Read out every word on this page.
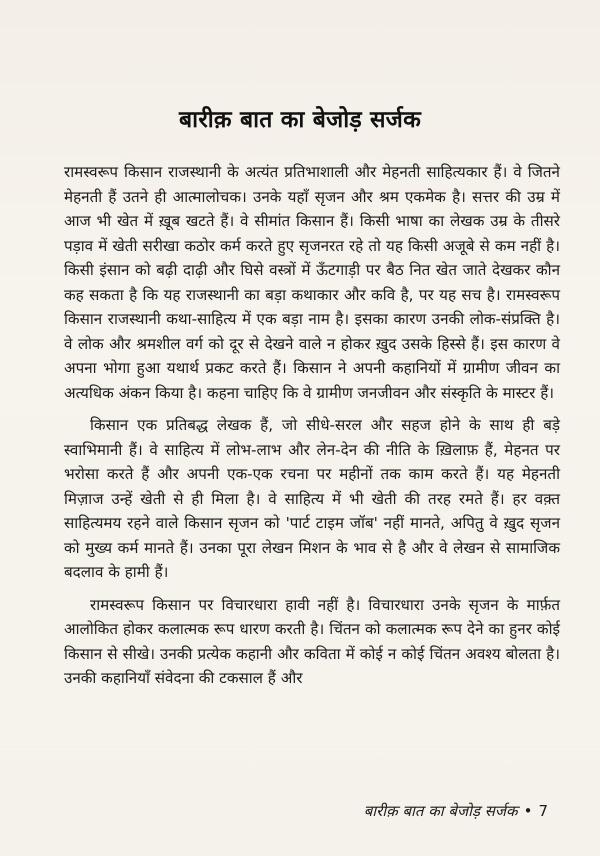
बारीक़ बात का बेजोड़ सर्जक

रामस्वरूप किसान राजस्थानी के अत्यंत प्रतिभाशाली और मेहनती साहित्यकार हैं। वे जितने मेहनती हैं उतने ही आत्मालोचक। उनके यहाँ सृजन और श्रम एकमेक है। सत्तर की उम्र में आज भी खेत में ख़ूब खटते हैं। वे सीमांत किसान हैं। किसी भाषा का लेखक उम्र के तीसरे पड़ाव में खेती सरीखा कठोर कर्म करते हुए सृजनरत रहे तो यह किसी अजूबे से कम नहीं है। किसी इंसान को बढ़ी दाढ़ी और घिसे वस्त्रों में ऊँटगाड़ी पर बैठ नित खेत जाते देखकर कौन कह सकता है कि यह राजस्थानी का बड़ा कथाकार और कवि है, पर यह सच है। रामस्वरूप किसान राजस्थानी कथा-साहित्य में एक बड़ा नाम है। इसका कारण उनकी लोक-संप्रक्ति है। वे लोक और श्रमशील वर्ग को दूर से देखने वाले न होकर ख़ुद उसके हिस्से हैं। इस कारण वे अपना भोगा हुआ यथार्थ प्रकट करते हैं। किसान ने अपनी कहानियों में ग्रामीण जीवन का अत्यधिक अंकन किया है। कहना चाहिए कि वे ग्रामीण जनजीवन और संस्कृति के मास्टर हैं।

किसान एक प्रतिबद्ध लेखक हैं, जो सीधे-सरल और सहज होने के साथ ही बड़े स्वाभिमानी हैं। वे साहित्य में लोभ-लाभ और लेन-देन की नीति के ख़िलाफ़ हैं, मेहनत पर भरोसा करते हैं और अपनी एक-एक रचना पर महीनों तक काम करते हैं। यह मेहनती मिज़ाज उन्हें खेती से ही मिला है। वे साहित्य में भी खेती की तरह रमते हैं। हर वक़्त साहित्यमय रहने वाले किसान सृजन को 'पार्ट टाइम जॉब' नहीं मानते, अपितु वे ख़ुद सृजन को मुख्य कर्म मानते हैं। उनका पूरा लेखन मिशन के भाव से है और वे लेखन से सामाजिक बदलाव के हामी हैं।

रामस्वरूप किसान पर विचारधारा हावी नहीं है। विचारधारा उनके सृजन के मार्फ़त आलोकित होकर कलात्मक रूप धारण करती है। चिंतन को कलात्मक रूप देने का हुनर कोई किसान से सीखे। उनकी प्रत्येक कहानी और कविता में कोई न कोई चिंतन अवश्य बोलता है। उनकी कहानियाँ संवेदना की टकसाल हैं और

बारीक़ बात का बेजोड़ सर्जक • 7
